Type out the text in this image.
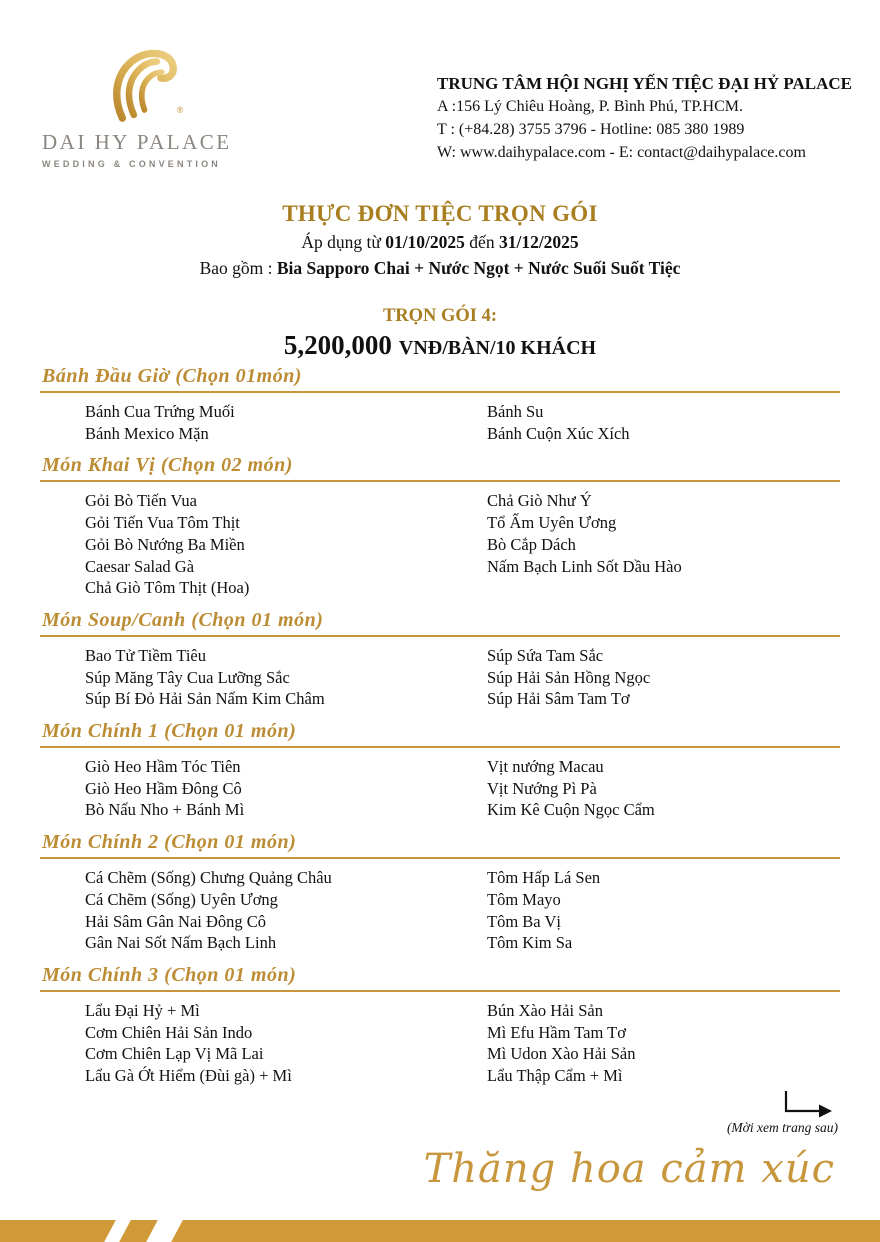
®
DAI HY PALACE
WEDDING & CONVENTION
TRUNG TÂM HỘI NGHỊ YẾN TIỆC ĐẠI HỶ PALACE
A :156 Lý Chiêu Hoàng, P. Bình Phú, TP.HCM.
T : (+84.28) 3755 3796 - Hotline: 085 380 1989
W: www.daihypalace.com - E: contact@daihypalace.com
THỰC ĐƠN TIỆC TRỌN GÓI

Áp dụng từ 01/10/2025 đến 31/12/2025

Bao gồm : Bia Sapporo Chai + Nước Ngọt + Nước Suối Suốt Tiệc

TRỌN GÓI 4:
5,200,000 VNĐ/BÀN/10 KHÁCH
Bánh Đầu Giờ (Chọn 01món)
Bánh Cua Trứng Muối
Bánh Mexico Mặn
Bánh Su
Bánh Cuộn Xúc Xích
Món Khai Vị (Chọn 02 món)
Gỏi Bò Tiến Vua
Gỏi Tiến Vua Tôm Thịt
Gỏi Bò Nướng Ba Miền
Caesar Salad Gà
Chả Giò Tôm Thịt (Hoa)
Chả Giò Như Ý
Tổ Ấm Uyên Ương
Bò Cắp Dách
Nấm Bạch Linh Sốt Dầu Hào
Món Soup/Canh (Chọn 01 món)
Bao Tử Tiềm Tiêu
Súp Măng Tây Cua Lưỡng Sắc
Súp Bí Đỏ Hải Sản Nấm Kim Châm
Súp Sứa Tam Sắc
Súp Hải Sản Hồng Ngọc
Súp Hải Sâm Tam Tơ
Món Chính 1 (Chọn 01 món)
Giò Heo Hầm Tóc Tiên
Giò Heo Hầm Đông Cô
Bò Nấu Nho + Bánh Mì
Vịt nướng Macau
Vịt Nướng Pì Pà
Kim Kê Cuộn Ngọc Cẩm
Món Chính 2 (Chọn 01 món)
Cá Chẽm (Sống) Chưng Quảng Châu
Cá Chẽm (Sống) Uyên Ương
Hải Sâm Gân Nai Đông Cô
Gân Nai Sốt Nấm Bạch Linh
Tôm Hấp Lá Sen
Tôm Mayo
Tôm Ba Vị
Tôm Kim Sa
Món Chính 3 (Chọn 01 món)
Lẩu Đại Hỷ + Mì
Cơm Chiên Hải Sản Indo
Cơm Chiên Lạp Vị Mã Lai
Lẩu Gà Ớt Hiểm (Đùi gà) + Mì
Bún Xào Hải Sản
Mì Efu Hầm Tam Tơ
Mì Udon Xào Hải Sản
Lẩu Thập Cẩm + Mì
(Mời xem trang sau)
Thăng hoa cảm xúc
